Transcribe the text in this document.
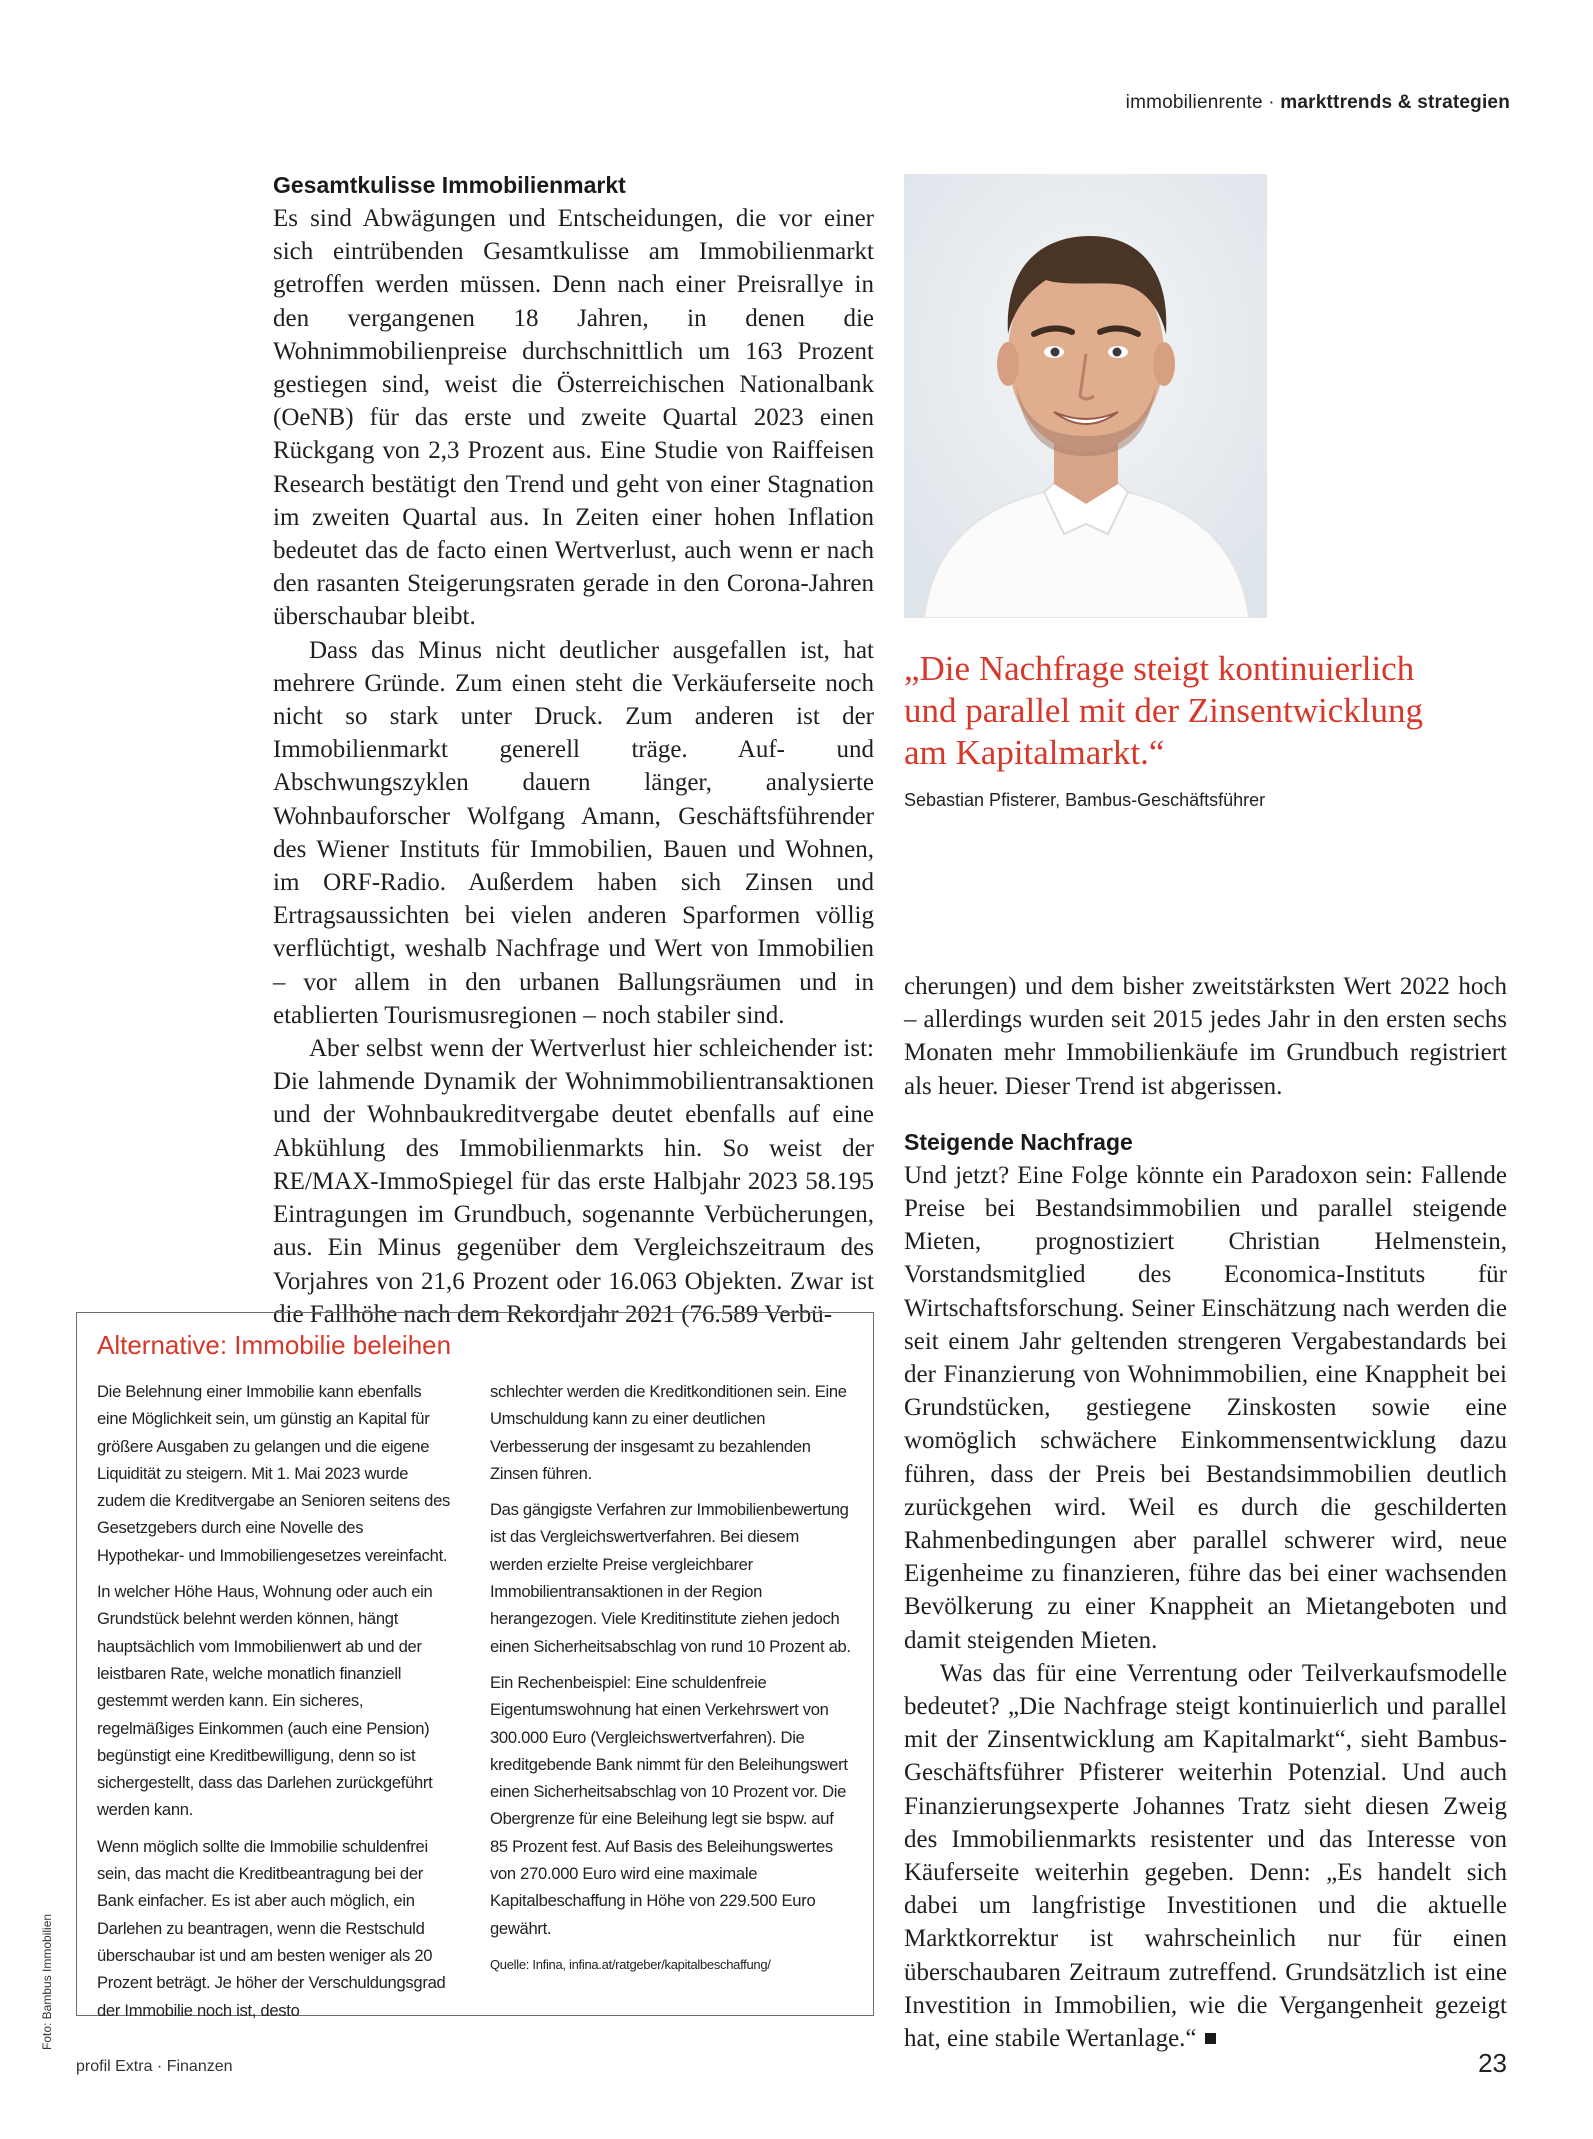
immobilienrente · markttrends & strategien
Gesamtkulisse Immobilienmarkt

Es sind Abwägungen und Entscheidungen, die vor einer sich eintrübenden Gesamtkulisse am Immobilienmarkt getroffen werden müssen. Denn nach einer Preisrallye in den vergangenen 18 Jahren, in denen die Wohnimmobilienpreise durchschnittlich um 163 Prozent gestiegen sind, weist die Österreichischen Nationalbank (OeNB) für das erste und zweite Quartal 2023 einen Rückgang von 2,3 Prozent aus. Eine Studie von Raiffeisen Research bestätigt den Trend und geht von einer Stagnation im zweiten Quartal aus. In Zeiten einer hohen Inflation bedeutet das de facto einen Wertverlust, auch wenn er nach den rasanten Steigerungsraten gerade in den Corona-Jahren überschaubar bleibt.

Dass das Minus nicht deutlicher ausgefallen ist, hat mehrere Gründe. Zum einen steht die Verkäuferseite noch nicht so stark unter Druck. Zum anderen ist der Immobilienmarkt generell träge. Auf- und Abschwungszyklen dauern länger, analysierte Wohnbauforscher Wolfgang Amann, Geschäftsführender des Wiener Instituts für Immobilien, Bauen und Wohnen, im ORF-Radio. Außerdem haben sich Zinsen und Ertragsaussichten bei vielen anderen Sparformen völlig verflüchtigt, weshalb Nachfrage und Wert von Immobilien – vor allem in den urbanen Ballungsräumen und in etablierten Tourismusregionen – noch stabiler sind.

Aber selbst wenn der Wertverlust hier schleichender ist: Die lahmende Dynamik der Wohnimmobilientransaktionen und der Wohnbaukreditvergabe deutet ebenfalls auf eine Abkühlung des Immobilienmarkts hin. So weist der RE/MAX-ImmoSpiegel für das erste Halbjahr 2023 58.195 Eintragungen im Grundbuch, sogenannte Verbücherungen, aus. Ein Minus gegenüber dem Vergleichszeitraum des Vorjahres von 21,6 Prozent oder 16.063 Objekten. Zwar ist die Fallhöhe nach dem Rekordjahr 2021 (76.589 Verbü-

„Die Nachfrage steigt kontinuierlich und parallel mit der Zinsentwicklung am Kapitalmarkt.“
Sebastian Pfisterer, Bambus-Geschäftsführer

cherungen) und dem bisher zweitstärksten Wert 2022 hoch – allerdings wurden seit 2015 jedes Jahr in den ersten sechs Monaten mehr Immobilienkäufe im Grundbuch registriert als heuer. Dieser Trend ist abgerissen.

Steigende Nachfrage

Und jetzt? Eine Folge könnte ein Paradoxon sein: Fallende Preise bei Bestandsimmobilien und parallel steigende Mieten, prognostiziert Christian Helmenstein, Vorstandsmitglied des Economica-Instituts für Wirtschaftsforschung. Seiner Einschätzung nach werden die seit einem Jahr geltenden strengeren Vergabestandards bei der Finanzierung von Wohnimmobilien, eine Knappheit bei Grundstücken, gestiegene Zinskosten sowie eine womöglich schwächere Einkommensentwicklung dazu führen, dass der Preis bei Bestandsimmobilien deutlich zurückgehen wird. Weil es durch die geschilderten Rahmenbedingungen aber parallel schwerer wird, neue Eigenheime zu finanzieren, führe das bei einer wachsenden Bevölkerung zu einer Knappheit an Mietangeboten und damit steigenden Mieten.

Was das für eine Verrentung oder Teilverkaufsmodelle bedeutet? „Die Nachfrage steigt kontinuierlich und parallel mit der Zinsentwicklung am Kapitalmarkt“, sieht Bambus-Geschäftsführer Pfisterer weiterhin Potenzial. Und auch Finanzierungsexperte Johannes Tratz sieht diesen Zweig des Immobilienmarkts resistenter und das Interesse von Käuferseite weiterhin gegeben. Denn: „Es handelt sich dabei um langfristige Investitionen und die aktuelle Marktkorrektur ist wahrscheinlich nur für einen überschaubaren Zeitraum zutreffend. Grundsätzlich ist eine Investition in Immobilien, wie die Vergangenheit gezeigt hat, eine stabile Wertanlage.“

Alternative: Immobilie beleihen

Die Belehnung einer Immobilie kann ebenfalls eine Möglichkeit sein, um günstig an Kapital für größere Ausgaben zu gelangen und die eigene Liquidität zu steigern. Mit 1. Mai 2023 wurde zudem die Kreditvergabe an Senioren seitens des Gesetzgebers durch eine Novelle des Hypothekar- und Immobiliengesetzes vereinfacht.

In welcher Höhe Haus, Wohnung oder auch ein Grundstück belehnt werden können, hängt hauptsächlich vom Immobilienwert ab und der leistbaren Rate, welche monatlich finanziell gestemmt werden kann. Ein sicheres, regelmäßiges Einkommen (auch eine Pension) begünstigt eine Kreditbewilligung, denn so ist sichergestellt, dass das Darlehen zurückgeführt werden kann.

Wenn möglich sollte die Immobilie schuldenfrei sein, das macht die Kreditbeantragung bei der Bank einfacher. Es ist aber auch möglich, ein Darlehen zu beantragen, wenn die Restschuld überschaubar ist und am besten weniger als 20 Prozent beträgt. Je höher der Verschuldungsgrad der Immobilie noch ist, desto

schlechter werden die Kreditkonditionen sein. Eine Umschuldung kann zu einer deutlichen Verbesserung der insgesamt zu bezahlenden Zinsen führen.

Das gängigste Verfahren zur Immobilienbewertung ist das Vergleichswertverfahren. Bei diesem werden erzielte Preise vergleichbarer Immobilientransaktionen in der Region herangezogen. Viele Kreditinstitute ziehen jedoch einen Sicherheitsabschlag von rund 10 Prozent ab.

Ein Rechenbeispiel: Eine schuldenfreie Eigentumswohnung hat einen Verkehrswert von 300.000 Euro (Vergleichswertverfahren). Die kreditgebende Bank nimmt für den Beleihungswert einen Sicherheitsabschlag von 10 Prozent vor. Die Obergrenze für eine Beleihung legt sie bspw. auf 85 Prozent fest. Auf Basis des Beleihungswertes von 270.000 Euro wird eine maximale Kapitalbeschaffung in Höhe von 229.500 Euro gewährt.

Quelle: Infina, infina.at/ratgeber/kapitalbeschaffung/
Foto: Bambus Immobilien
profil Extra · Finanzen	23
